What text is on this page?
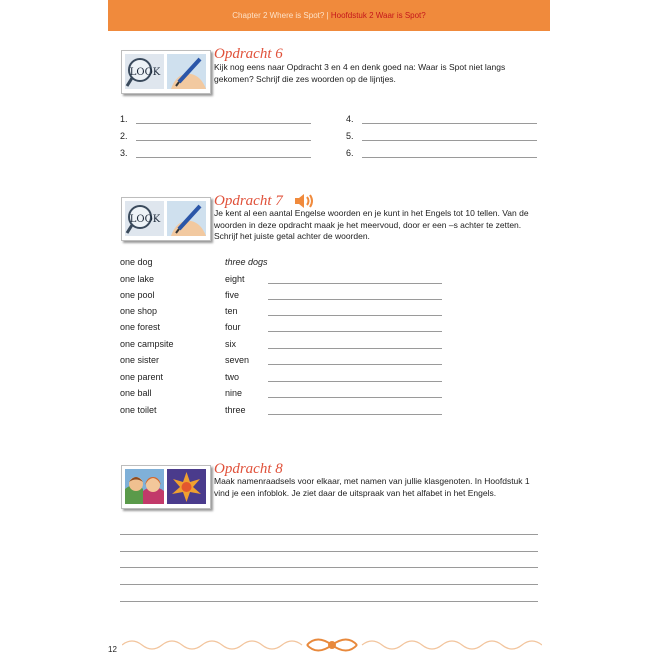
Chapter 2 Where is Spot? | Hoofdstuk 2 Waar is Spot?
LOOK
Opdracht 6
Kijk nog eens naar Opdracht 3 en 4 en denk goed na: Waar is Spot niet langs
gekomen? Schrijf die zes woorden op de lijntjes.
1.
2.
3.
4.
5.
6.
LOOK
Opdracht 7
Je kent al een aantal Engelse woorden en je kunt in het Engels tot 10 tellen. Van de
woorden in deze opdracht maak je het meervoud, door er een –s achter te zetten.
Schrijf het juiste getal achter de woorden.
one dog	three dogs
one lake	eight
one pool	five
one shop	ten
one forest	four
one campsite	six
one sister	seven
one parent	two
one ball	nine
one toilet	three
Opdracht 8
Maak namenraadsels voor elkaar, met namen van jullie klasgenoten. In Hoofdstuk 1
vind je een infoblok. Je ziet daar de uitspraak van het alfabet in het Engels.
12
